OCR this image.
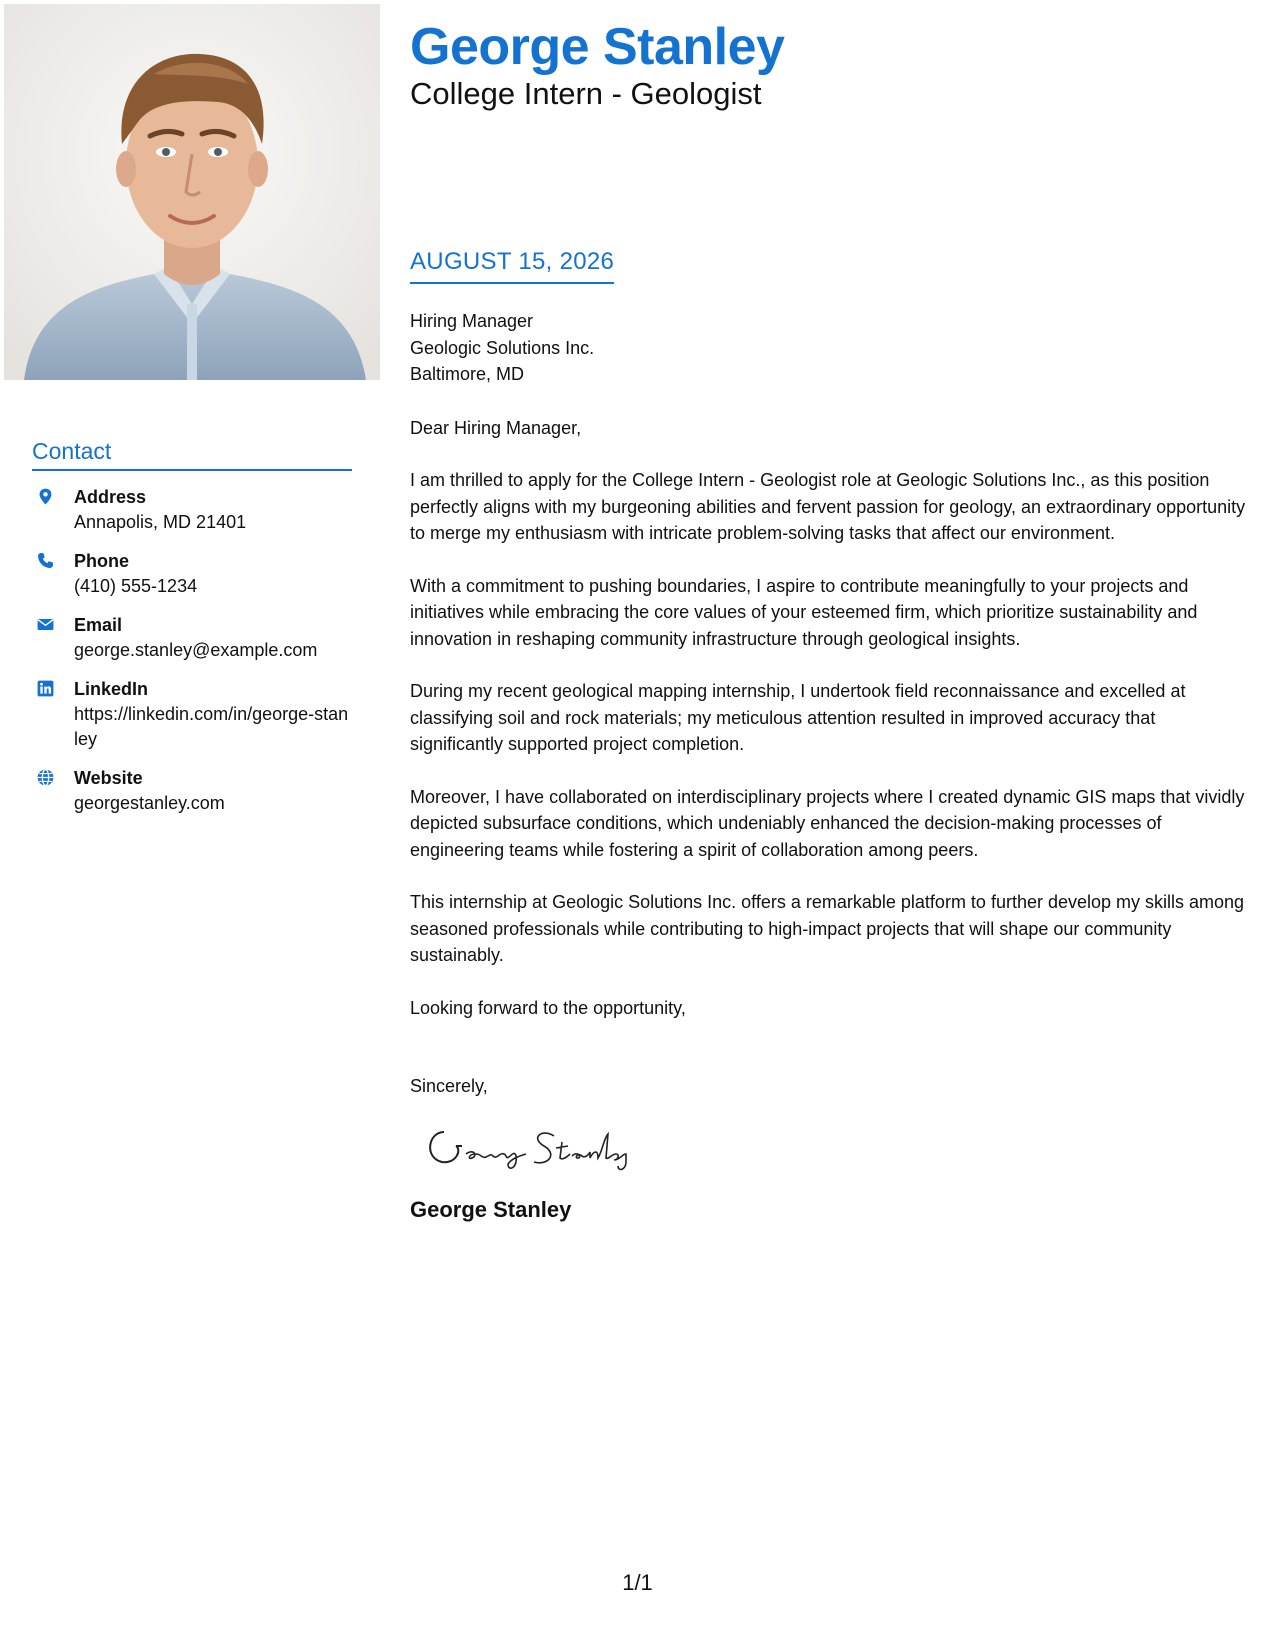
George Stanley
College Intern - Geologist
AUGUST 15, 2026
Hiring Manager
Geologic Solutions Inc.
Baltimore, MD

Dear Hiring Manager,

I am thrilled to apply for the College Intern - Geologist role at Geologic Solutions Inc., as this position perfectly aligns with my burgeoning abilities and fervent passion for geology, an extraordinary opportunity to merge my enthusiasm with intricate problem-solving tasks that affect our environment.

With a commitment to pushing boundaries, I aspire to contribute meaningfully to your projects and initiatives while embracing the core values of your esteemed firm, which prioritize sustainability and innovation in reshaping community infrastructure through geological insights.

During my recent geological mapping internship, I undertook field reconnaissance and excelled at classifying soil and rock materials; my meticulous attention resulted in improved accuracy that significantly supported project completion.

Moreover, I have collaborated on interdisciplinary projects where I created dynamic GIS maps that vividly depicted subsurface conditions, which undeniably enhanced the decision-making processes of engineering teams while fostering a spirit of collaboration among peers.

This internship at Geologic Solutions Inc. offers a remarkable platform to further develop my skills among seasoned professionals while contributing to high-impact projects that will shape our community sustainably.

Looking forward to the opportunity,

Sincerely,

George Stanley
Contact
Address
Annapolis, MD 21401
Phone
(410) 555-1234
Email
george.stanley@example.com
LinkedIn
https://linkedin.com/in/george-stanley
Website
georgestanley.com
1/1
